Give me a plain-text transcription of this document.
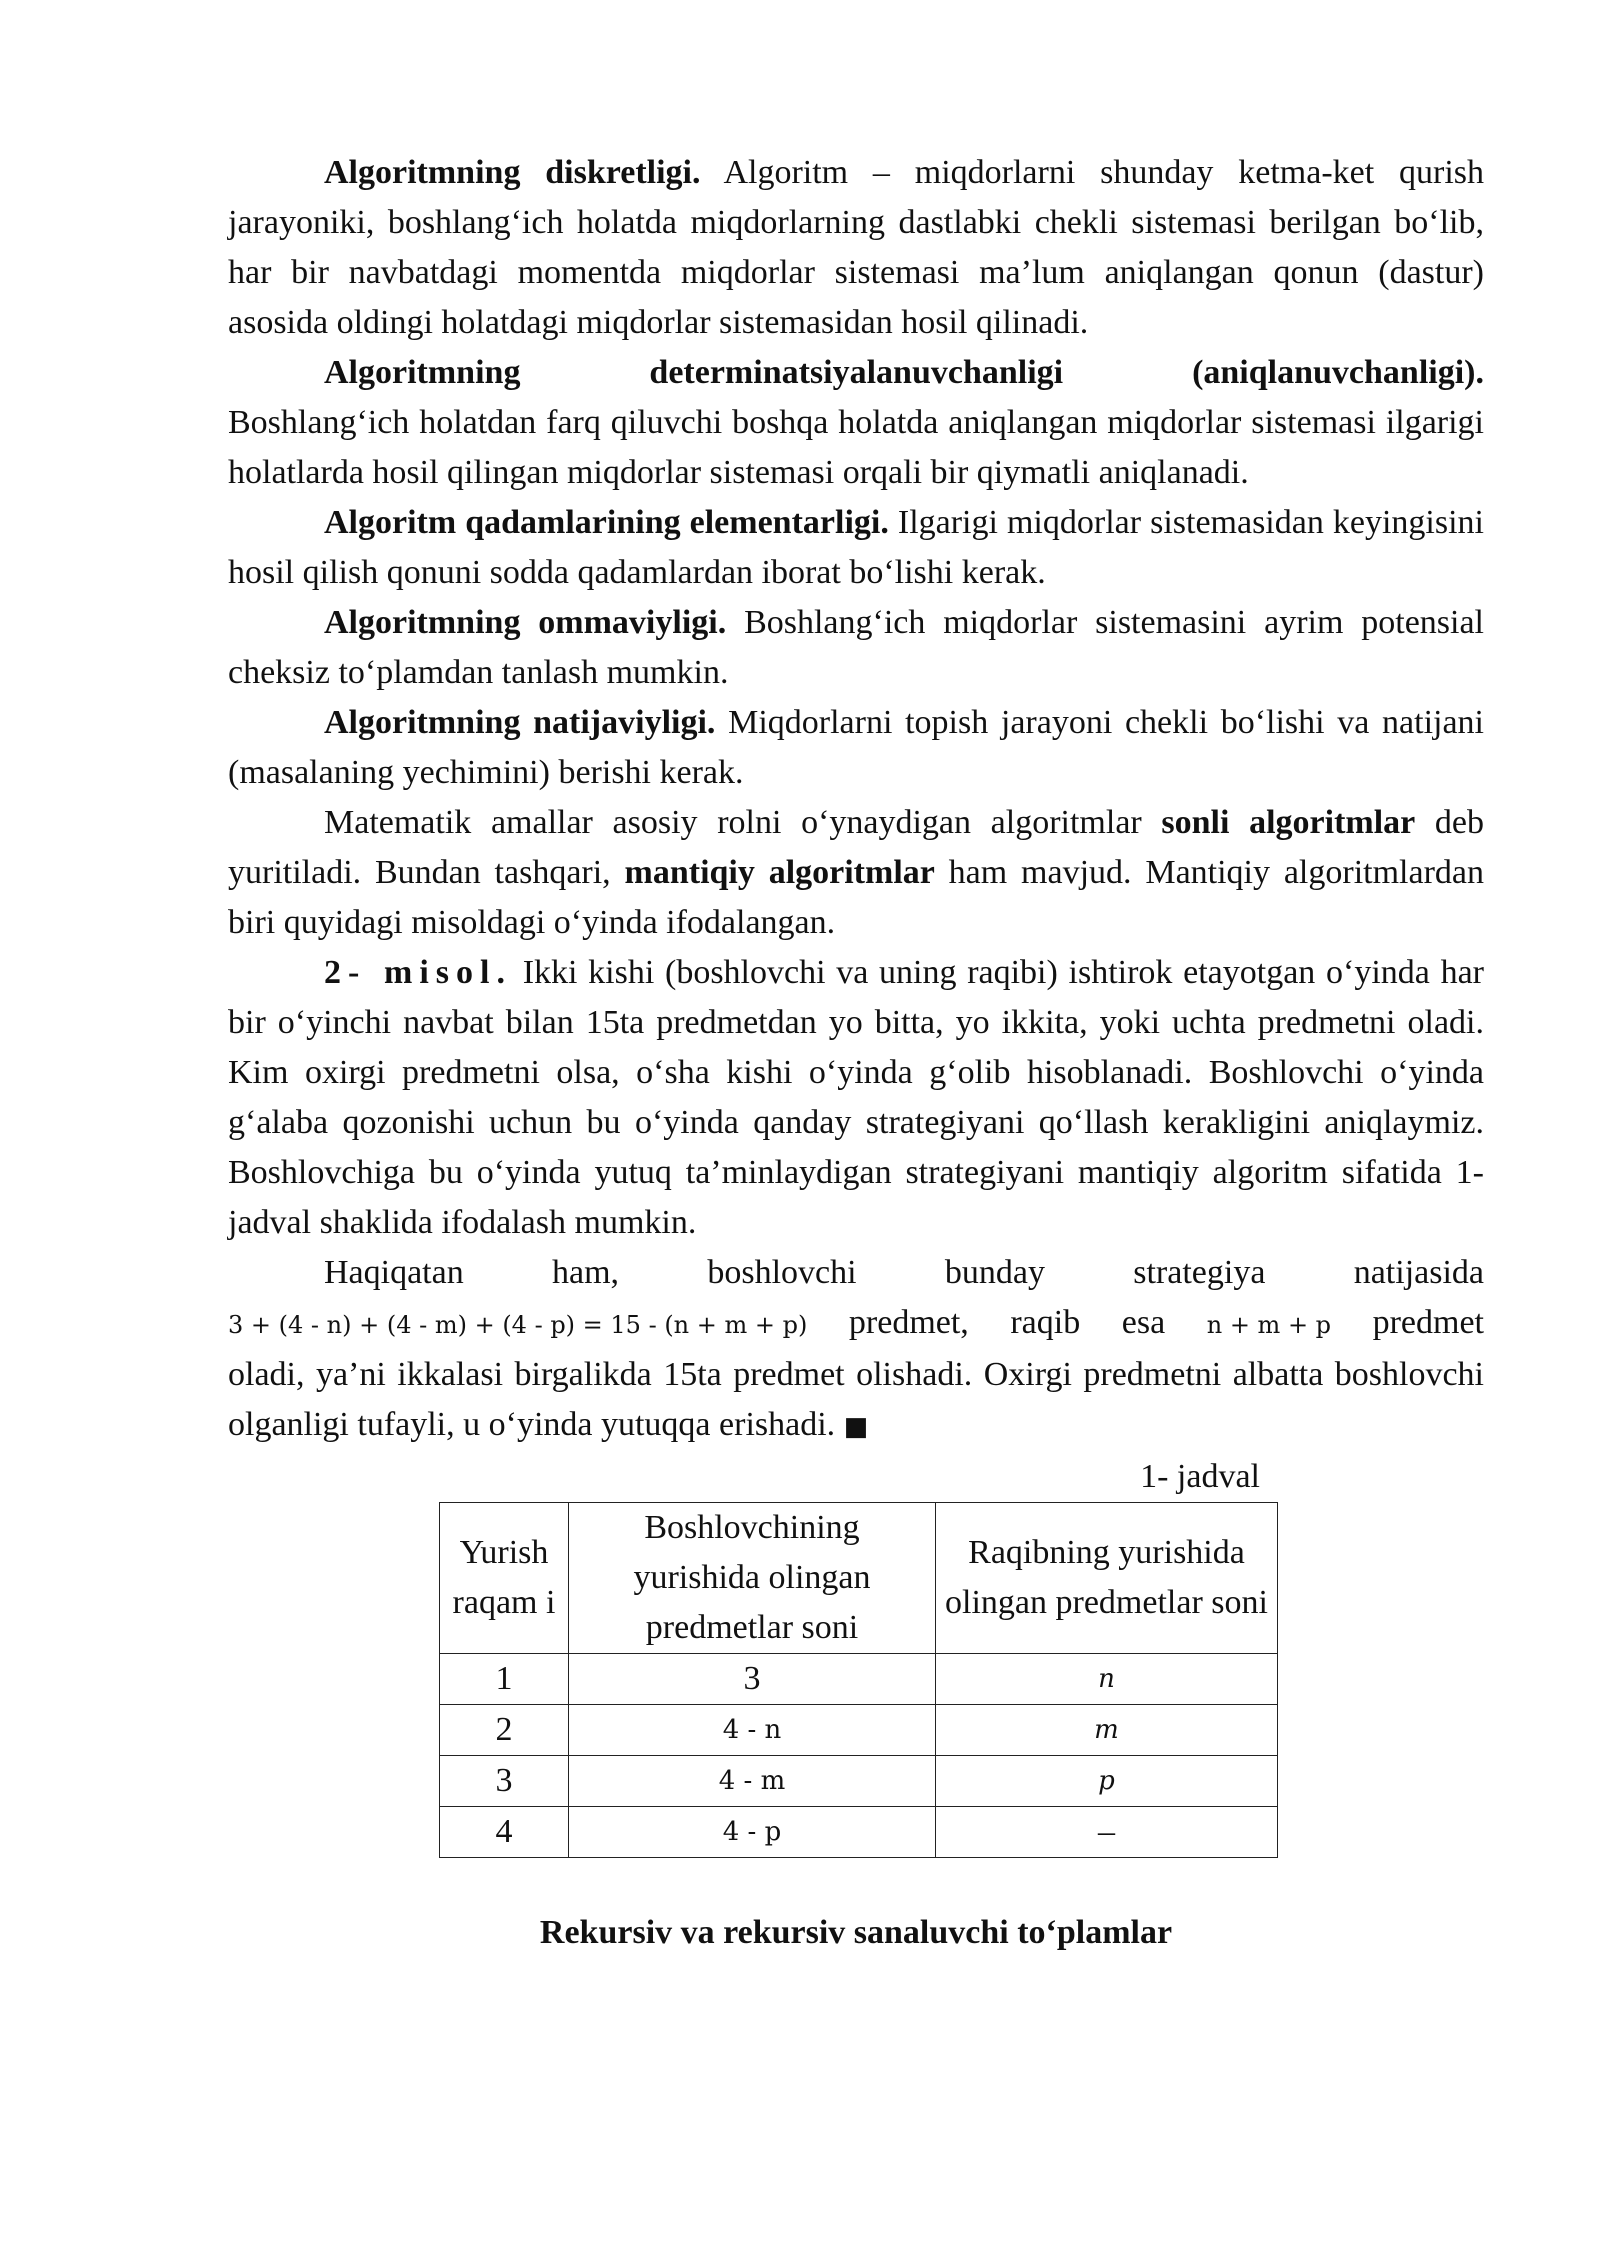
Algoritmning diskretligi. Algoritm – miqdorlarni shunday ketma-ket qurish jarayoniki, boshlang‘ich holatda miqdorlarning dastlabki chekli sistemasi berilgan bo‘lib, har bir navbatdagi momentda miqdorlar sistemasi ma’lum aniqlangan qonun (dastur) asosida oldingi holatdagi miqdorlar sistemasidan hosil qilinadi.

Algoritmning determinatsiyalanuvchanligi (aniqlanuvchanligi). Boshlang‘ich holatdan farq qiluvchi boshqa holatda aniqlangan miqdorlar sistemasi ilgarigi holatlarda hosil qilingan miqdorlar sistemasi orqali bir qiymatli aniqlanadi.

Algoritm qadamlarining elementarligi. Ilgarigi miqdorlar sistemasidan keyingisini hosil qilish qonuni sodda qadamlardan iborat bo‘lishi kerak.

Algoritmning ommaviyligi. Boshlang‘ich miqdorlar sistemasini ayrim potensial cheksiz to‘plamdan tanlash mumkin.

Algoritmning natijaviyligi. Miqdorlarni topish jarayoni chekli bo‘lishi va natijani (masalaning yechimini) berishi kerak.

Matematik amallar asosiy rolni o‘ynaydigan algoritmlar sonli algoritmlar deb yuritiladi. Bundan tashqari, mantiqiy algoritmlar ham mavjud. Mantiqiy algoritmlardan biri quyidagi misoldagi o‘yinda ifodalangan.

2- misol. Ikki kishi (boshlovchi va uning raqibi) ishtirok etayotgan o‘yinda har bir o‘yinchi navbat bilan 15ta predmetdan yo bitta, yo ikkita, yoki uchta predmetni oladi. Kim oxirgi predmetni olsa, o‘sha kishi o‘yinda g‘olib hisoblanadi. Boshlovchi o‘yinda g‘alaba qozonishi uchun bu o‘yinda qanday strategiyani qo‘llash kerakligini aniqlaymiz. Boshlovchiga bu o‘yinda yutuq ta’minlaydigan strategiyani mantiqiy algoritm sifatida 1- jadval shaklida ifodalash mumkin.

Haqiqatan ham, boshlovchi bunday strategiya natijasida

3 + (4 - n) + (4 - m) + (4 - p) = 15 - (n + m + p) predmet, raqib esa n + m + p predmet

oladi, ya’ni ikkalasi birgalikda 15ta predmet olishadi. Oxirgi predmetni albatta boshlovchi olganligi tufayli, u o‘yinda yutuqqa erishadi. ■

1- jadval

Yurish raqam i	Boshlovchining yurishida olingan predmetlar soni	Raqibning yurishida olingan predmetlar soni
1	3	n
2	4 - n	m
3	4 - m	p
4	4 - p	–

Rekursiv va rekursiv sanaluvchi to‘plamlar
